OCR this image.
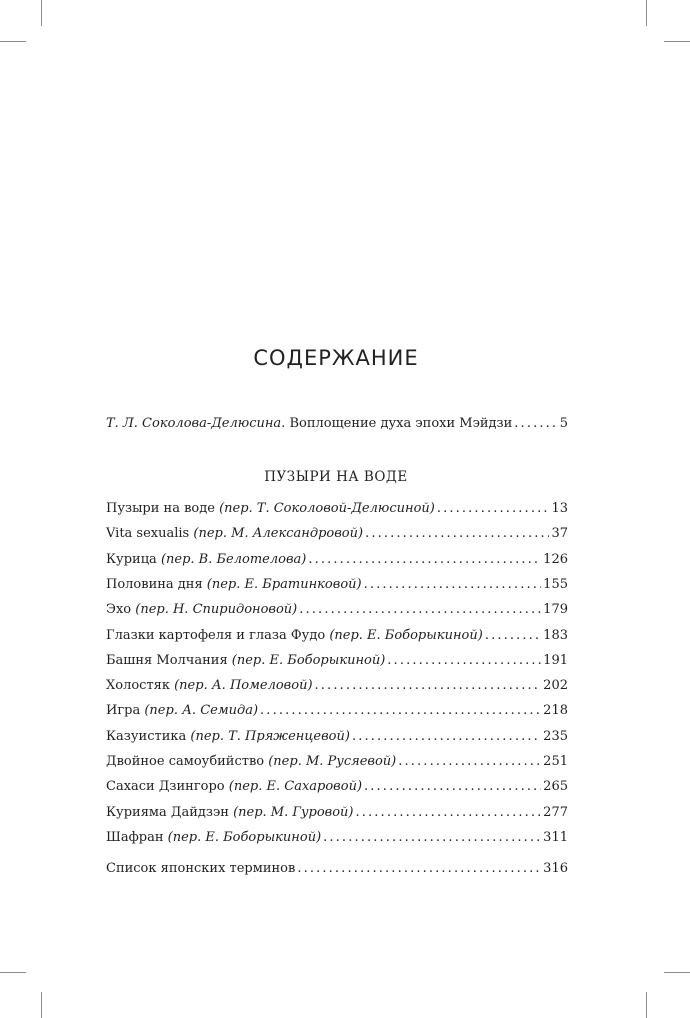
СОДЕРЖАНИЕ
Т. Л. Соколова-Делюсина. Воплощение духа эпохи Мэйдзи . . .	5
ПУЗЫРИ НА ВОДЕ
Пузыри на воде (пер. Т. Соколовой-Делюсиной) . . .	13
Vita sexualis (пер. М. Александровой) . . .	37
Курица (пер. В. Белотелова) . . .	126
Половина дня (пер. Е. Братинковой) . . .	155
Эхо (пер. Н. Спиридоновой) . . .	179
Глазки картофеля и глаза Фудо (пер. Е. Боборыкиной) . . .	183
Башня Молчания (пер. Е. Боборыкиной) . . .	191
Холостяк (пер. А. Помеловой) . . .	202
Игра (пер. А. Семида) . . .	218
Казуистика (пер. Т. Пряженцевой) . . .	235
Двойное самоубийство (пер. М. Русяевой) . . .	251
Сахаси Дзингоро (пер. Е. Сахаровой) . . .	265
Курияма Дайдзэн (пер. М. Гуровой) . . .	277
Шафран (пер. Е. Боборыкиной) . . .	311
Список японских терминов . . .	316
